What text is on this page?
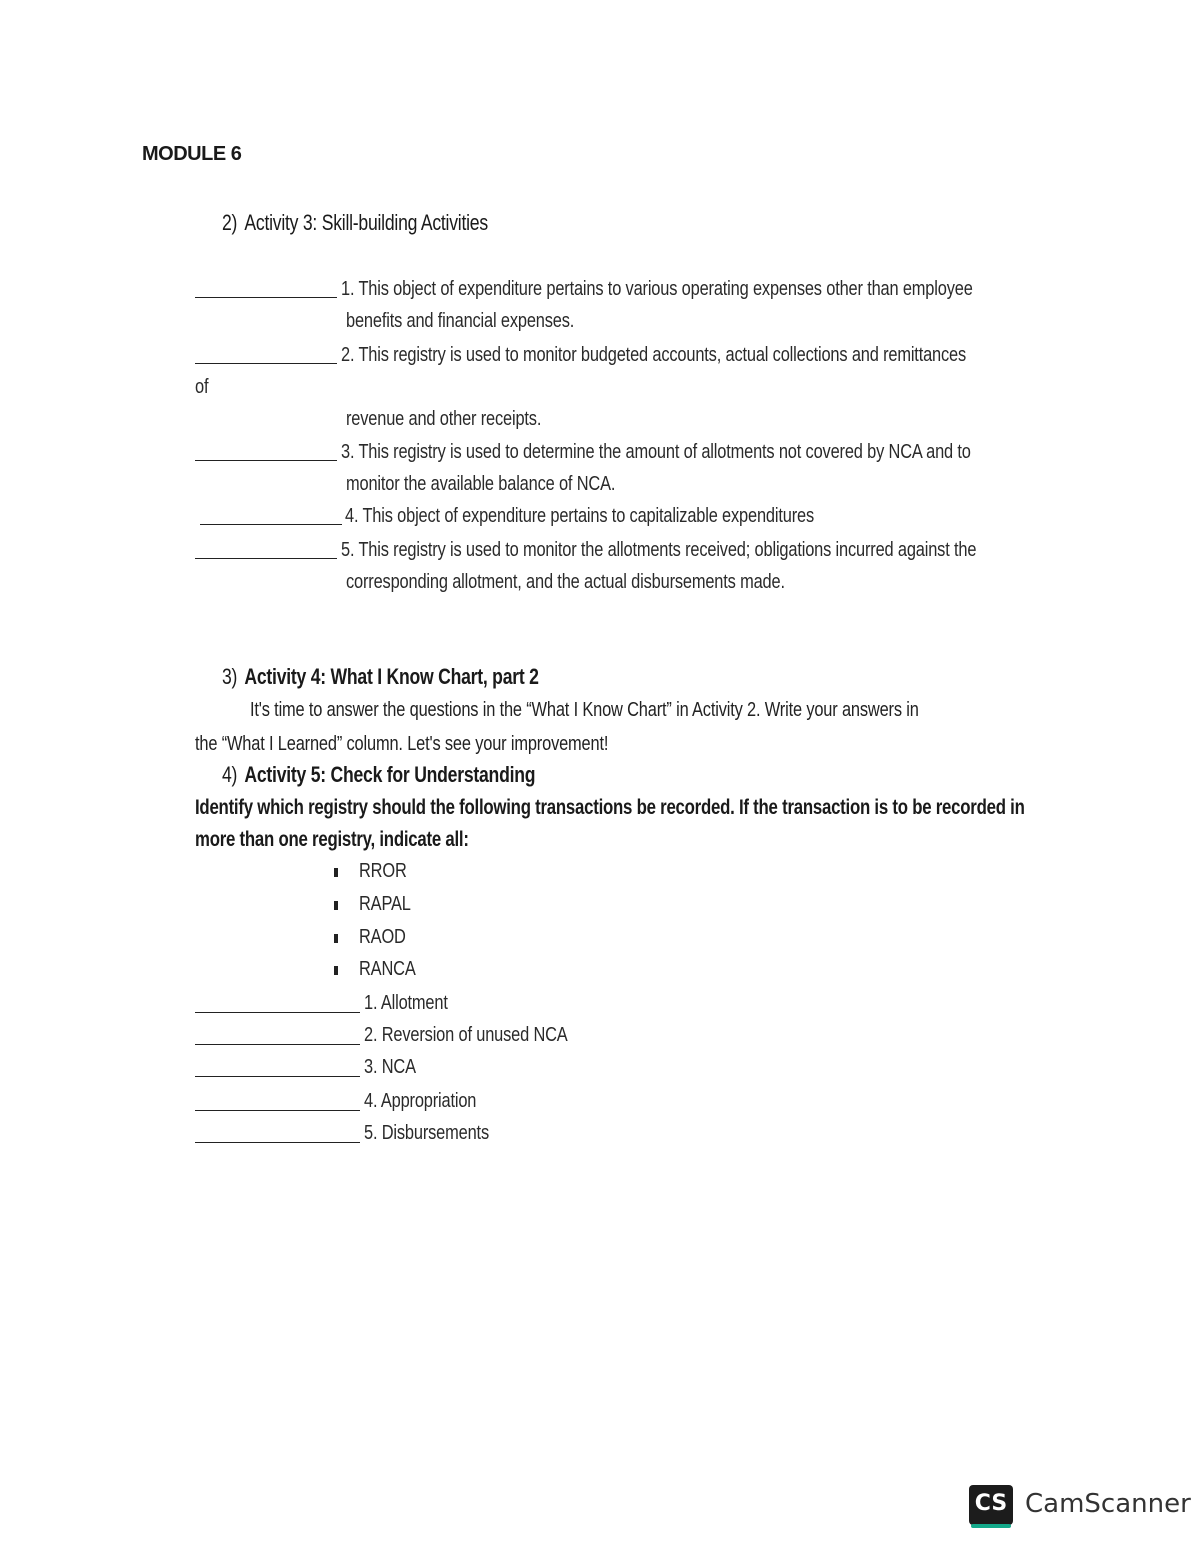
MODULE 6
2) Activity 3: Skill-building Activities
1. This object of expenditure pertains to various operating expenses other than employee
benefits and financial expenses.
2. This registry is used to monitor budgeted accounts, actual collections and remittances
of
revenue and other receipts.
3. This registry is used to determine the amount of allotments not covered by NCA and to
monitor the available balance of NCA.
4. This object of expenditure pertains to capitalizable expenditures
5. This registry is used to monitor the allotments received; obligations incurred against the
corresponding allotment, and the actual disbursements made.
3) Activity 4: What I Know Chart, part 2
It's time to answer the questions in the “What I Know Chart” in Activity 2. Write your answers in
the “What I Learned” column. Let's see your improvement!
4) Activity 5: Check for Understanding
Identify which registry should the following transactions be recorded. If the transaction is to be recorded in
more than one registry, indicate all:
RROR
RAPAL
RAOD
RANCA
1. Allotment
2. Reversion of unused NCA
3. NCA
4. Appropriation
5. Disbursements
CS CamScanner
